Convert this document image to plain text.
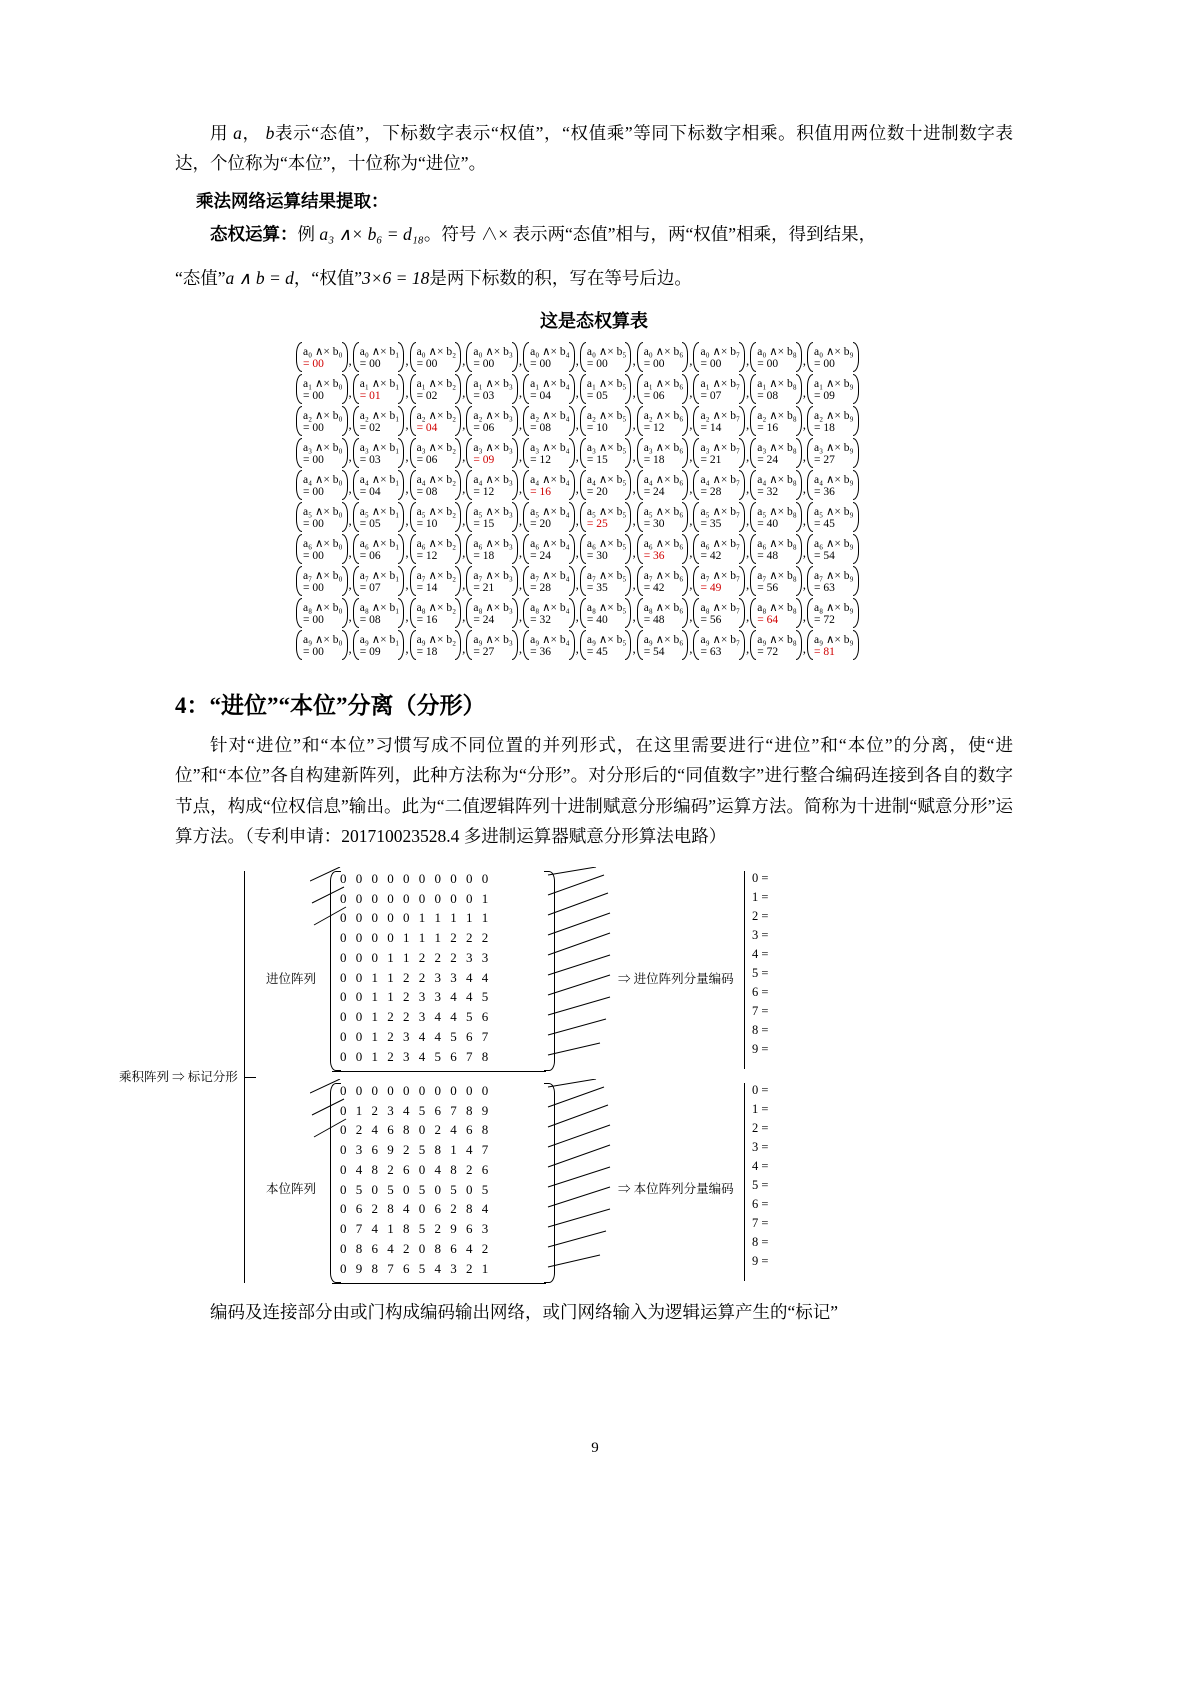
用 a， b表示“态值”，下标数字表示“权值”，“权值乘”等同下标数字相乘。积值用两位数十进制数字表达，个位称为“本位”，十位称为“进位”。

乘法网络运算结果提取：

态权运算：例 a₃ ∧× b₆ = d₁₈。符号 ∧× 表示两“态值”相与，两“权值”相乘，得到结果，

“态值”a ∧ b = d，“权值”3×6 = 18是两下标数的积，写在等号后边。

这是态权算表
a₀ ∧× b₀
= 00	,
a₀ ∧× b₁
= 00	,
a₀ ∧× b₂
= 00	,
a₀ ∧× b₃
= 00	,
a₀ ∧× b₄
= 00	,
a₀ ∧× b₅
= 00	,
a₀ ∧× b₆
= 00	,
a₀ ∧× b₇
= 00	,
a₀ ∧× b₈
= 00	,
a₀ ∧× b₉
= 00
a₁ ∧× b₀
= 00	,
a₁ ∧× b₁
= 01	,
a₁ ∧× b₂
= 02	,
a₁ ∧× b₃
= 03	,
a₁ ∧× b₄
= 04	,
a₁ ∧× b₅
= 05	,
a₁ ∧× b₆
= 06	,
a₁ ∧× b₇
= 07	,
a₁ ∧× b₈
= 08	,
a₁ ∧× b₉
= 09
a₂ ∧× b₀
= 00	,
a₂ ∧× b₁
= 02	,
a₂ ∧× b₂
= 04	,
a₂ ∧× b₃
= 06	,
a₂ ∧× b₄
= 08	,
a₂ ∧× b₅
= 10	,
a₂ ∧× b₆
= 12	,
a₂ ∧× b₇
= 14	,
a₂ ∧× b₈
= 16	,
a₂ ∧× b₉
= 18
a₃ ∧× b₀
= 00	,
a₃ ∧× b₁
= 03	,
a₃ ∧× b₂
= 06	,
a₃ ∧× b₃
= 09	,
a₃ ∧× b₄
= 12	,
a₃ ∧× b₅
= 15	,
a₃ ∧× b₆
= 18	,
a₃ ∧× b₇
= 21	,
a₃ ∧× b₈
= 24	,
a₃ ∧× b₉
= 27
a₄ ∧× b₀
= 00	,
a₄ ∧× b₁
= 04	,
a₄ ∧× b₂
= 08	,
a₄ ∧× b₃
= 12	,
a₄ ∧× b₄
= 16	,
a₄ ∧× b₅
= 20	,
a₄ ∧× b₆
= 24	,
a₄ ∧× b₇
= 28	,
a₄ ∧× b₈
= 32	,
a₄ ∧× b₉
= 36
a₅ ∧× b₀
= 00	,
a₅ ∧× b₁
= 05	,
a₅ ∧× b₂
= 10	,
a₅ ∧× b₃
= 15	,
a₅ ∧× b₄
= 20	,
a₅ ∧× b₅
= 25	,
a₅ ∧× b₆
= 30	,
a₅ ∧× b₇
= 35	,
a₅ ∧× b₈
= 40	,
a₅ ∧× b₉
= 45
a₆ ∧× b₀
= 00	,
a₆ ∧× b₁
= 06	,
a₆ ∧× b₂
= 12	,
a₆ ∧× b₃
= 18	,
a₆ ∧× b₄
= 24	,
a₆ ∧× b₅
= 30	,
a₆ ∧× b₆
= 36	,
a₆ ∧× b₇
= 42	,
a₆ ∧× b₈
= 48	,
a₆ ∧× b₉
= 54
a₇ ∧× b₀
= 00	,
a₇ ∧× b₁
= 07	,
a₇ ∧× b₂
= 14	,
a₇ ∧× b₃
= 21	,
a₇ ∧× b₄
= 28	,
a₇ ∧× b₅
= 35	,
a₇ ∧× b₆
= 42	,
a₇ ∧× b₇
= 49	,
a₇ ∧× b₈
= 56	,
a₇ ∧× b₉
= 63
a₈ ∧× b₀
= 00	,
a₈ ∧× b₁
= 08	,
a₈ ∧× b₂
= 16	,
a₈ ∧× b₃
= 24	,
a₈ ∧× b₄
= 32	,
a₈ ∧× b₅
= 40	,
a₈ ∧× b₆
= 48	,
a₈ ∧× b₇
= 56	,
a₈ ∧× b₈
= 64	,
a₈ ∧× b₉
= 72
a₉ ∧× b₀
= 00	,
a₉ ∧× b₁
= 09	,
a₉ ∧× b₂
= 18	,
a₉ ∧× b₃
= 27	,
a₉ ∧× b₄
= 36	,
a₉ ∧× b₅
= 45	,
a₉ ∧× b₆
= 54	,
a₉ ∧× b₇
= 63	,
a₉ ∧× b₈
= 72	,
a₉ ∧× b₉
= 81
4：“进位”“本位”分离（分形）

针对“进位”和“本位”习惯写成不同位置的并列形式，在这里需要进行“进位”和“本位”的分离，使“进位”和“本位”各自构建新阵列，此种方法称为“分形”。对分形后的“同值数字”进行整合编码连接到各自的数字节点，构成“位权信息”输出。此为“二值逻辑阵列十进制赋意分形编码”运算方法。简称为十进制“赋意分形”运算方法。（专利申请：201710023528.4 多进制运算器赋意分形算法电路）

乘积阵列 ⇒ 标记分形
进位阵列
0 0 0 0 0 0 0 0 0 0
0 0 0 0 0 0 0 0 0 1
0 0 0 0 0 1 1 1 1 1
0 0 0 0 1 1 1 2 2 2
0 0 0 1 1 2 2 2 3 3
0 0 1 1 2 2 3 3 4 4
0 0 1 1 2 3 3 4 4 5
0 0 1 2 2 3 4 4 5 6
0 0 1 2 3 4 4 5 6 7
0 0 1 2 3 4 5 6 7 8
⇒ 进位阵列分量编码
0 =
1 =
2 =
3 =
4 =
5 =
6 =
7 =
8 =
9 =
本位阵列
0 0 0 0 0 0 0 0 0 0
0 1 2 3 4 5 6 7 8 9
0 2 4 6 8 0 2 4 6 8
0 3 6 9 2 5 8 1 4 7
0 4 8 2 6 0 4 8 2 6
0 5 0 5 0 5 0 5 0 5
0 6 2 8 4 0 6 2 8 4
0 7 4 1 8 5 2 9 6 3
0 8 6 4 2 0 8 6 4 2
0 9 8 7 6 5 4 3 2 1
⇒ 本位阵列分量编码
0 =
1 =
2 =
3 =
4 =
5 =
6 =
7 =
8 =
9 =

编码及连接部分由或门构成编码输出网络，或门网络输入为逻辑运算产生的“标记”

9
